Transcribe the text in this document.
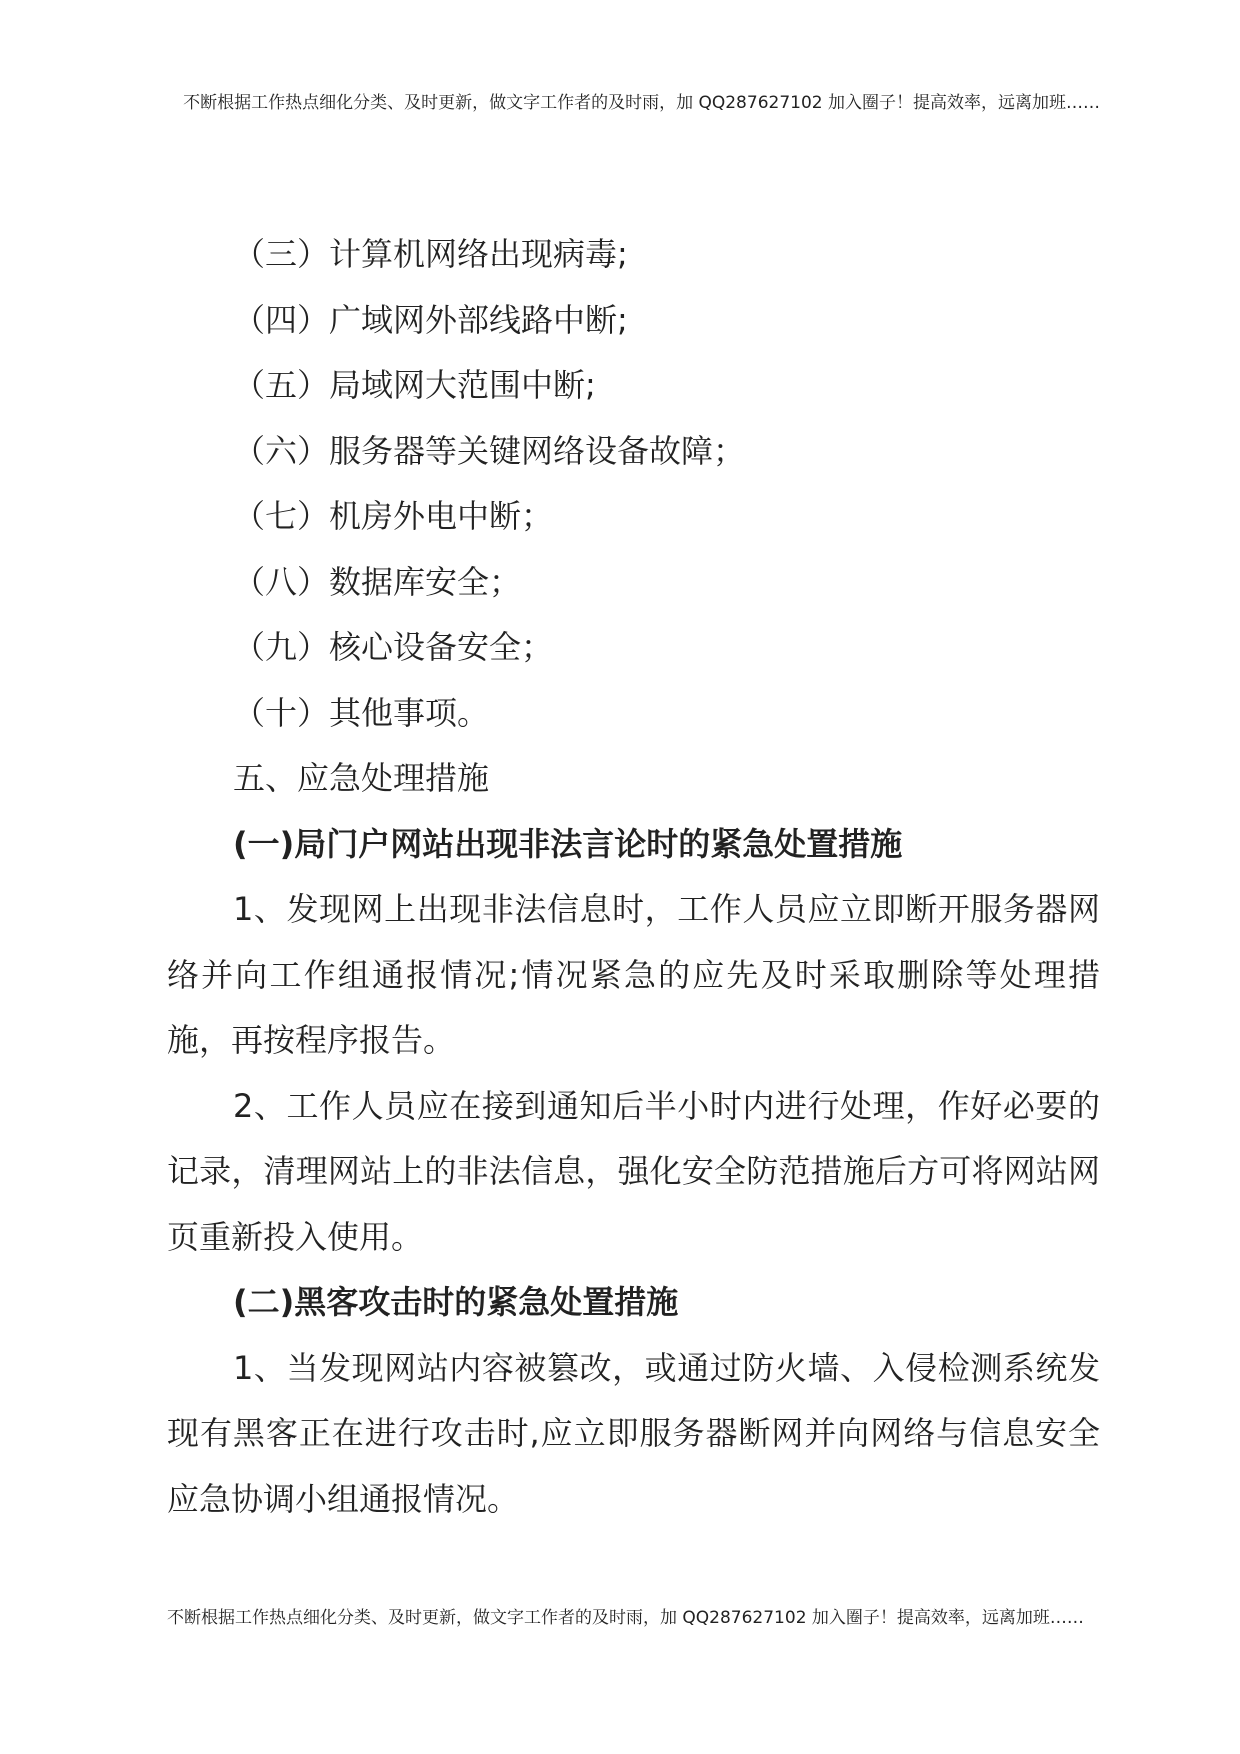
不断根据工作热点细化分类、及时更新，做文字工作者的及时雨，加 QQ287627102 加入圈子！提高效率，远离加班……
（三）计算机网络出现病毒;
（四）广域网外部线路中断;
（五）局域网大范围中断;
（六）服务器等关键网络设备故障；
（七）机房外电中断；
（八）数据库安全；
（九）核心设备安全；
（十）其他事项。
五、应急处理措施
(一)局门户网站出现非法言论时的紧急处置措施
1、发现网上出现非法信息时，工作人员应立即断开服务器网络并向工作组通报情况;情况紧急的应先及时采取删除等处理措施，再按程序报告。
2、工作人员应在接到通知后半小时内进行处理，作好必要的记录，清理网站上的非法信息，强化安全防范措施后方可将网站网页重新投入使用。
(二)黑客攻击时的紧急处置措施
1、当发现网站内容被篡改，或通过防火墙、入侵检测系统发现有黑客正在进行攻击时,应立即服务器断网并向网络与信息安全应急协调小组通报情况。
不断根据工作热点细化分类、及时更新，做文字工作者的及时雨，加 QQ287627102 加入圈子！提高效率，远离加班……
